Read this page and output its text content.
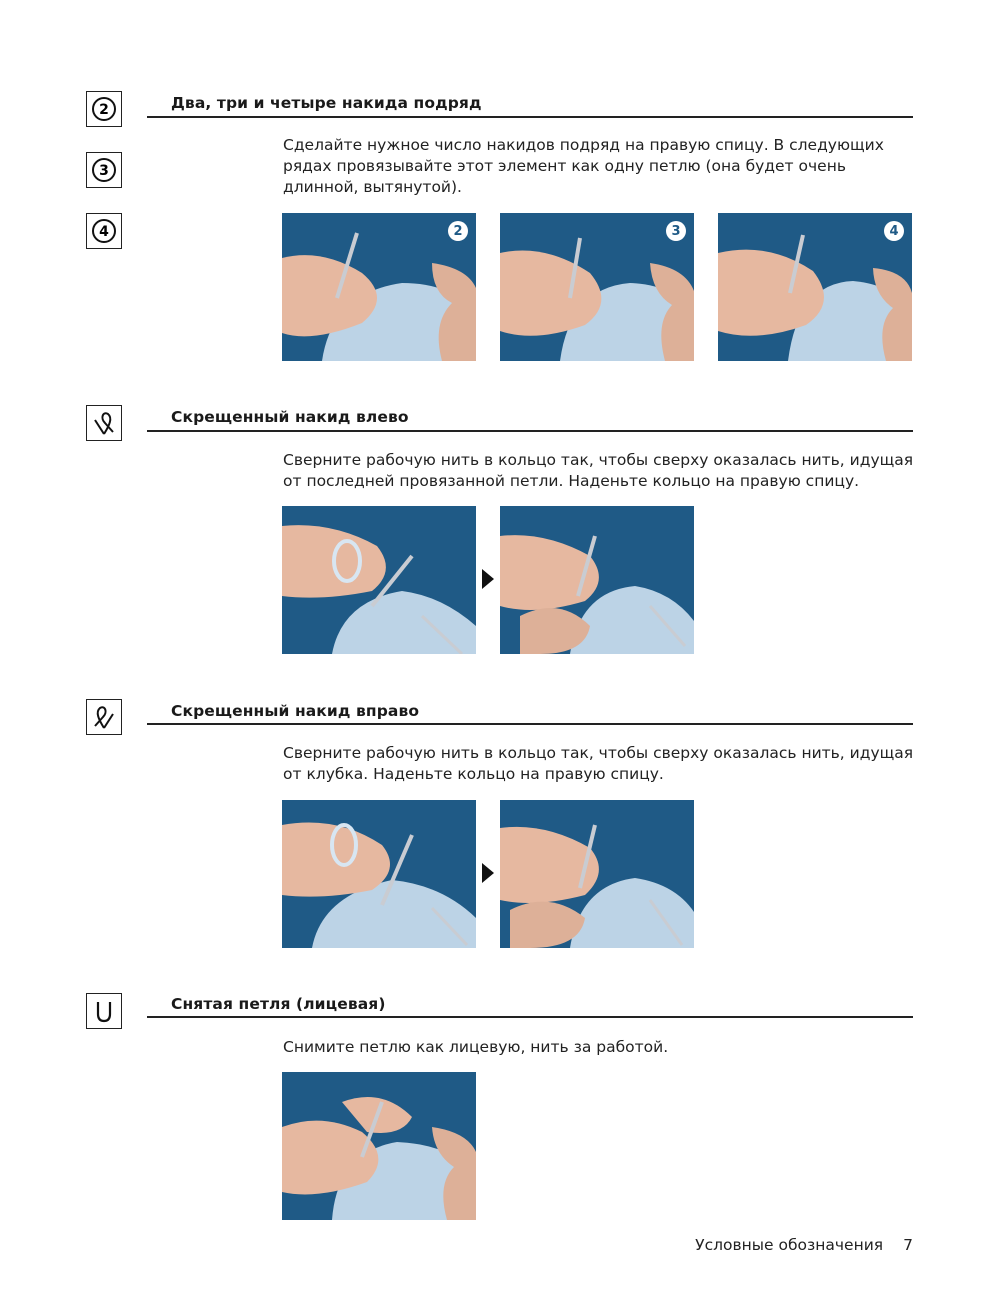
2
3
4
Два, три и четыре накида подряд
Сделайте нужное число накидов подряд на правую спицу. В следующих рядах провязывайте этот элемент как одну петлю (она будет очень длинной, вытянутой).
2	3	4
Скрещенный накид влево
Сверните рабочую нить в кольцо так, чтобы сверху оказалась нить, идущая от последней провязанной петли. Наденьте кольцо на правую спицу.
Скрещенный накид вправо
Сверните рабочую нить в кольцо так, чтобы сверху оказалась нить, идущая от клубка. Наденьте кольцо на правую спицу.
Снятая петля (лицевая)
Снимите петлю как лицевую, нить за работой.
Условные обозначения 7
